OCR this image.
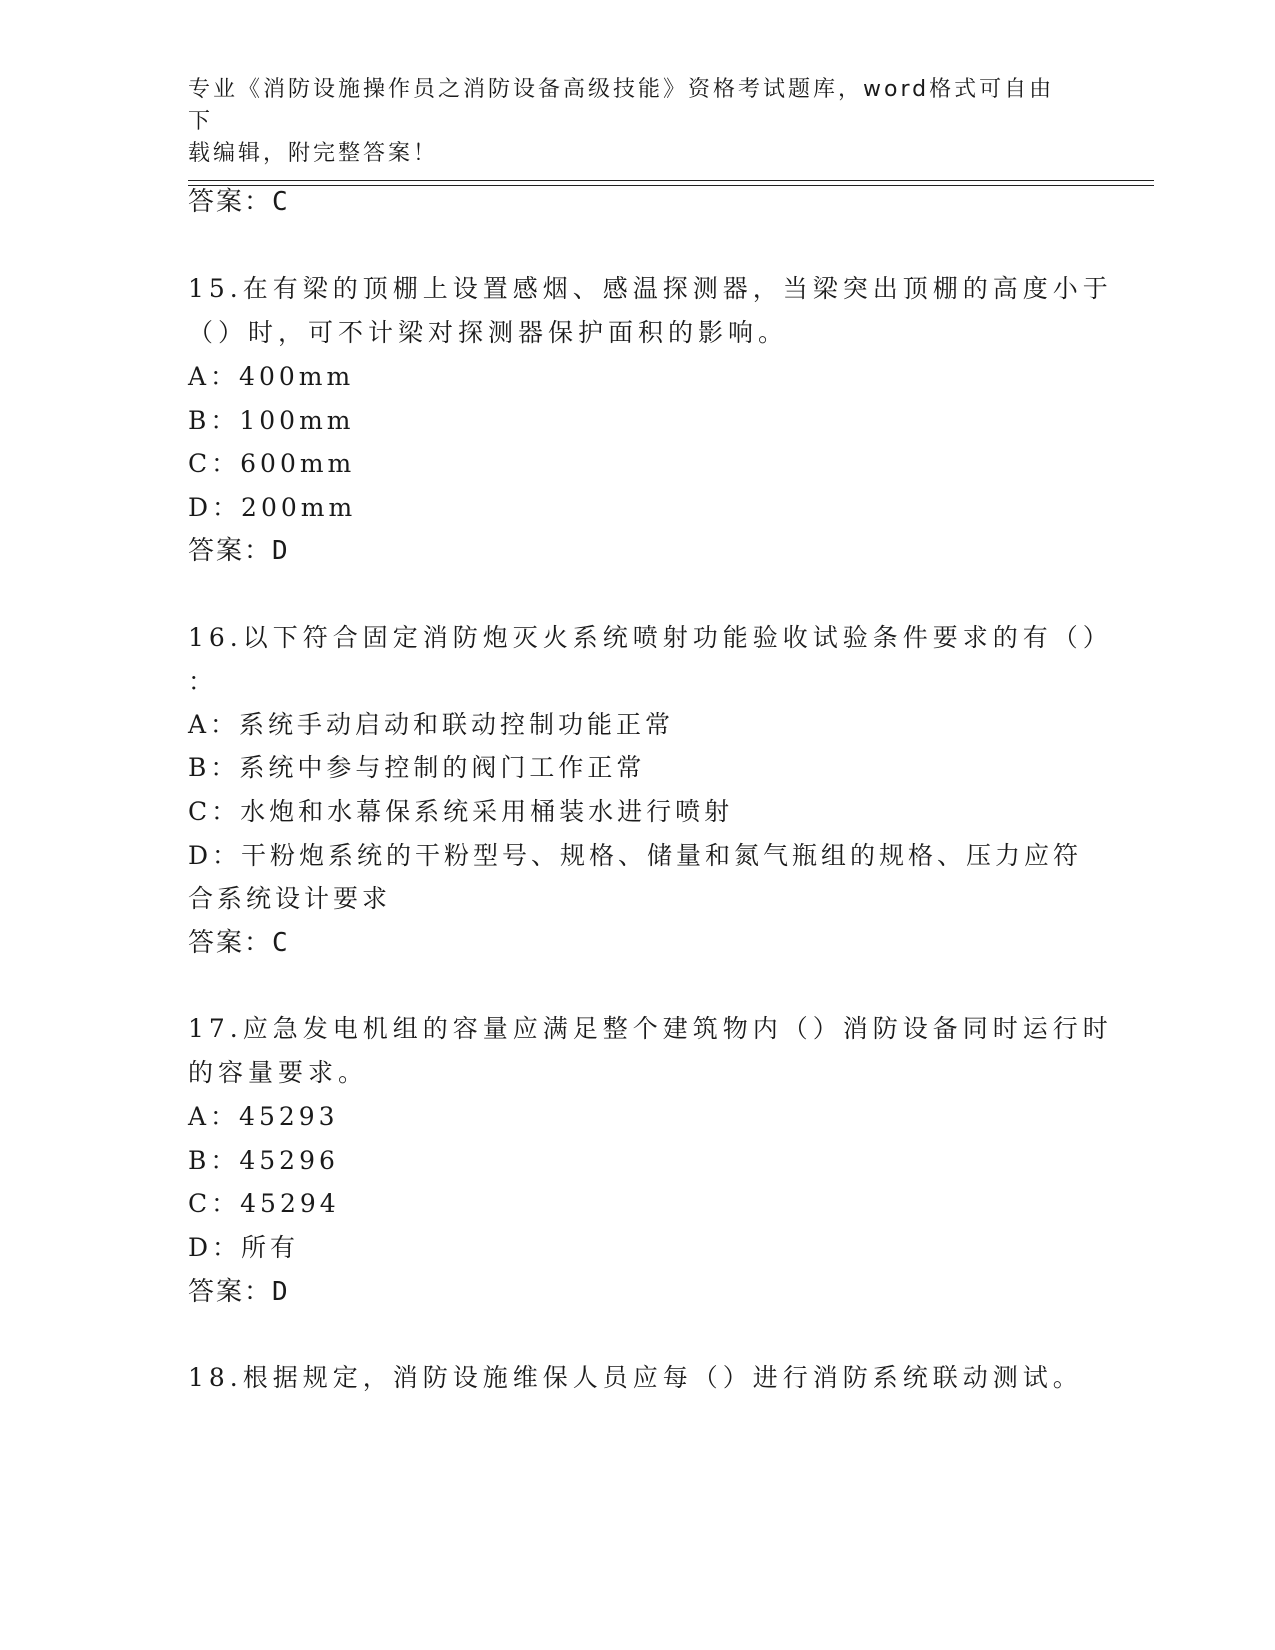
专业《消防设施操作员之消防设备高级技能》资格考试题库，word格式可自由下
载编辑，附完整答案！
答案：C
15.在有梁的顶棚上设置感烟、感温探测器，当梁突出顶棚的高度小于
（）时，可不计梁对探测器保护面积的影响。
A：400mm
B：100mm
C：600mm
D：200mm
答案：D
16.以下符合固定消防炮灭火系统喷射功能验收试验条件要求的有（）
：
A：系统手动启动和联动控制功能正常
B：系统中参与控制的阀门工作正常
C：水炮和水幕保系统采用桶装水进行喷射
D：干粉炮系统的干粉型号、规格、储量和氮气瓶组的规格、压力应符
合系统设计要求
答案：C
17.应急发电机组的容量应满足整个建筑物内（）消防设备同时运行时
的容量要求。
A：45293
B：45296
C：45294
D：所有
答案：D
18.根据规定，消防设施维保人员应每（）进行消防系统联动测试。
